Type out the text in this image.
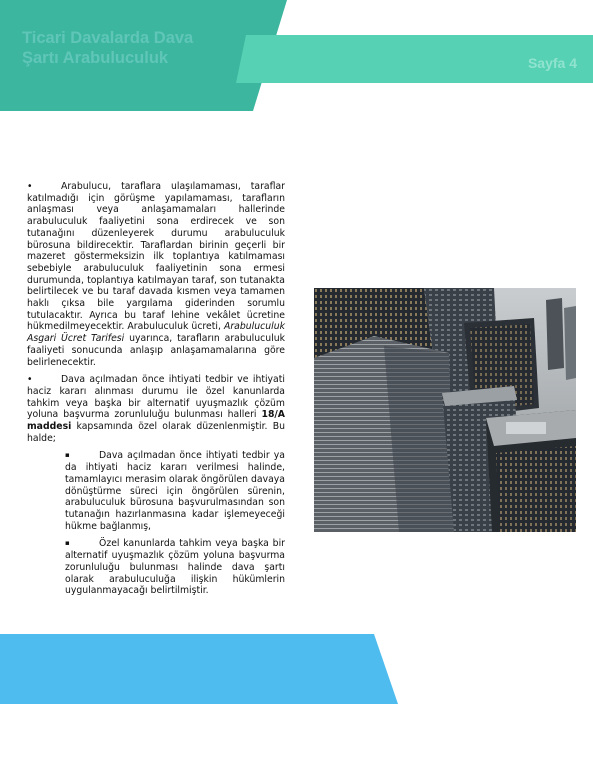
Ticari Davalarda Dava
Şartı Arabuluculuk	Sayfa 4

•	Arabulucu, taraflara ulaşılamaması, taraflar katılmadığı için görüşme yapılamaması, tarafların anlaşması veya anlaşamamaları hallerinde arabuluculuk faaliyetini sona erdirecek ve son tutanağını düzenleyerek durumu arabuluculuk bürosuna bildirecektir. Taraflardan birinin geçerli bir mazeret göstermeksizin ilk toplantıya katılmaması sebebiyle arabuluculuk faaliyetinin sona ermesi durumunda, toplantıya katılmayan taraf, son tutanakta belirtilecek ve bu taraf davada kısmen veya tamamen haklı çıksa bile yargılama giderinden sorumlu tutulacaktır. Ayrıca bu taraf lehine vekâlet ücretine hükmedilmeyecektir. Arabuluculuk ücreti, Arabuluculuk Asgari Ücret Tarifesi uyarınca, tarafların arabuluculuk faaliyeti sonucunda anlaşıp anlaşamamalarına göre belirlenecektir.

•	Dava açılmadan önce ihtiyati tedbir ve ihtiyati haciz kararı alınması durumu ile özel kanunlarda tahkim veya başka bir alternatif uyuşmazlık çözüm yoluna başvurma zorunluluğu bulunması halleri 18/A maddesi kapsamında özel olarak düzenlenmiştir. Bu halde;

▪	Dava açılmadan önce ihtiyati tedbir ya da ihtiyati haciz kararı verilmesi halinde, tamamlayıcı merasim olarak öngörülen davaya dönüştürme süreci için öngörülen sürenin, arabuluculuk bürosuna başvurulmasından son tutanağın hazırlanmasına kadar işlemeyeceği hükme bağlanmış,

▪	Özel kanunlarda tahkim veya başka bir alternatif uyuşmazlık çözüm yoluna başvurma zorunluluğu bulunması halinde dava şartı olarak arabuluculuğa ilişkin hükümlerin uygulanmayacağı belirtilmiştir.
